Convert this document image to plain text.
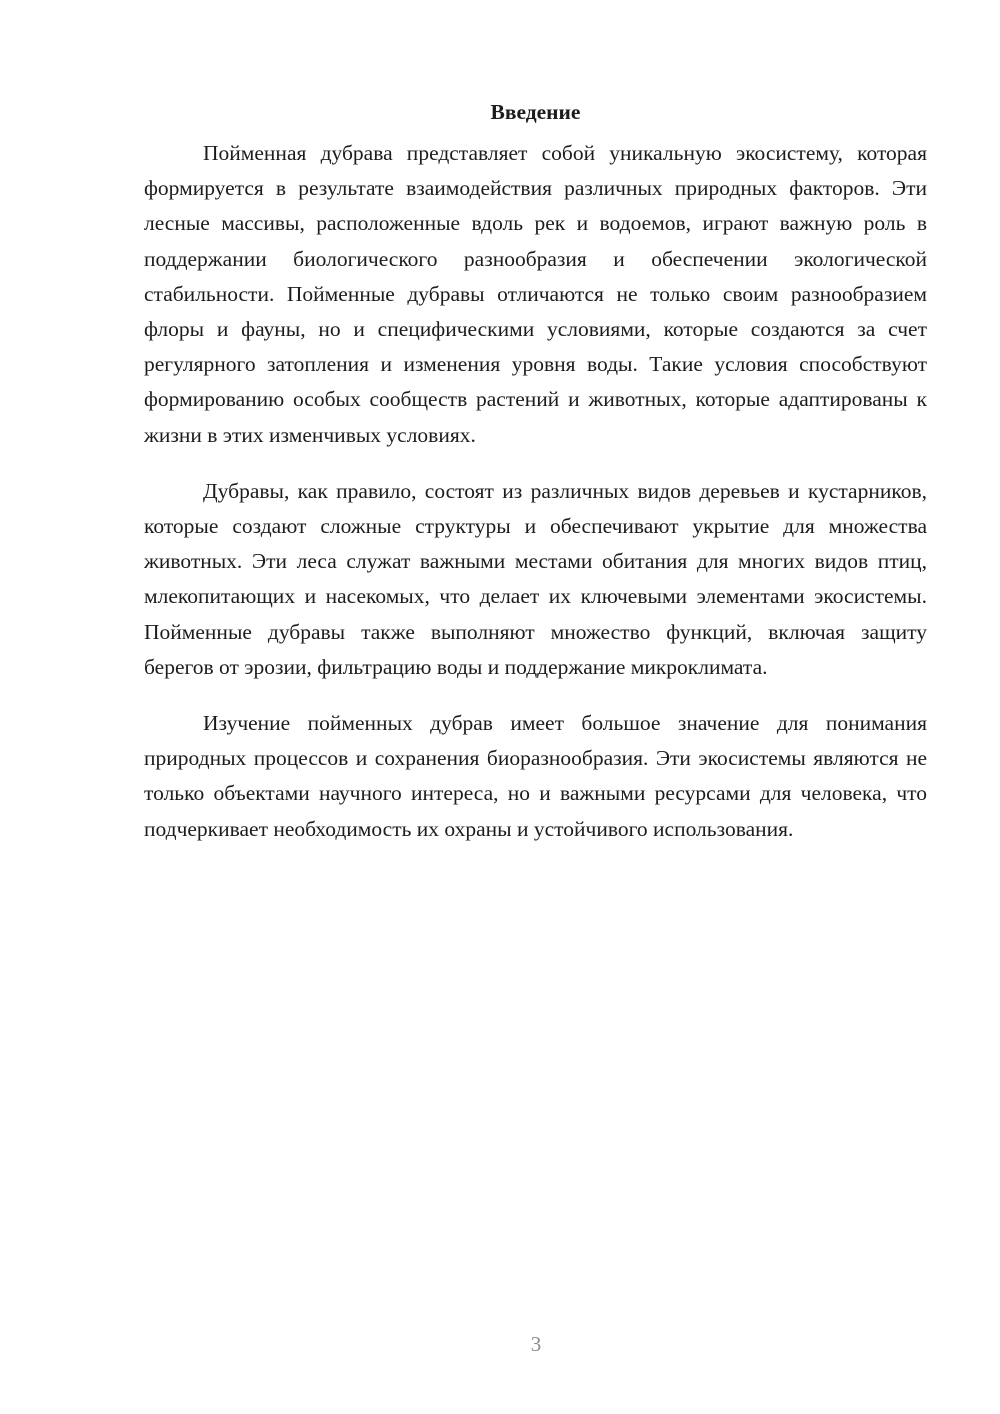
Введение

Пойменная дубрава представляет собой уникальную экосистему, которая формируется в результате взаимодействия различных природных факторов. Эти лесные массивы, расположенные вдоль рек и водоемов, играют важную роль в поддержании биологического разнообразия и обеспечении экологической стабильности. Пойменные дубравы отличаются не только своим разнообразием флоры и фауны, но и специфическими условиями, которые создаются за счет регулярного затопления и изменения уровня воды. Такие условия способствуют формированию особых сообществ растений и животных, которые адаптированы к жизни в этих изменчивых условиях.

Дубравы, как правило, состоят из различных видов деревьев и кустарников, которые создают сложные структуры и обеспечивают укрытие для множества животных. Эти леса служат важными местами обитания для многих видов птиц, млекопитающих и насекомых, что делает их ключевыми элементами экосистемы. Пойменные дубравы также выполняют множество функций, включая защиту берегов от эрозии, фильтрацию воды и поддержание микроклимата.

Изучение пойменных дубрав имеет большое значение для понимания природных процессов и сохранения биоразнообразия. Эти экосистемы являются не только объектами научного интереса, но и важными ресурсами для человека, что подчеркивает необходимость их охраны и устойчивого использования.

3
